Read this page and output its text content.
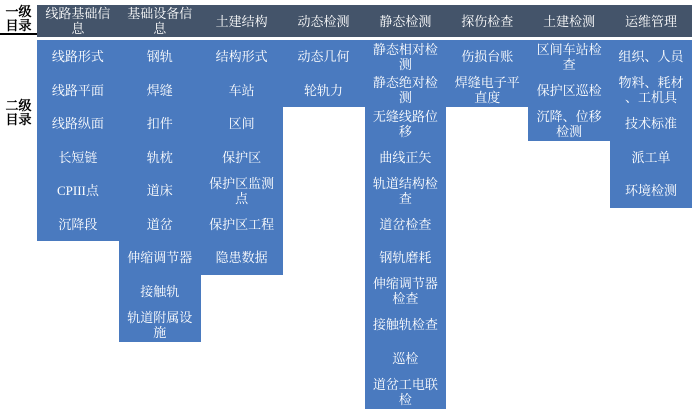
一级目录
二级目录
线路基础信息
线路形式
线路平面
线路纵面
长短链
CPIII点
沉降段
基础设备信息
钢轨
焊缝
扣件
轨枕
道床
道岔
伸缩调节器
接触轨
轨道附属设施
土建结构
结构形式
车站
区间
保护区
保护区监测点
保护区工程
隐患数据
动态检测
动态几何
轮轨力
静态检测
静态相对检测
静态绝对检测
无缝线路位移
曲线正矢
轨道结构检查
道岔检查
钢轨磨耗
伸缩调节器检查
接触轨检查
巡检
道岔工电联检
探伤检查
伤损台账
焊缝电子平直度
土建检测
区间车站检查
保护区巡检
沉降、位移检测
运维管理
组织、人员
物料、耗材、工机具
技术标准
派工单
环境检测
